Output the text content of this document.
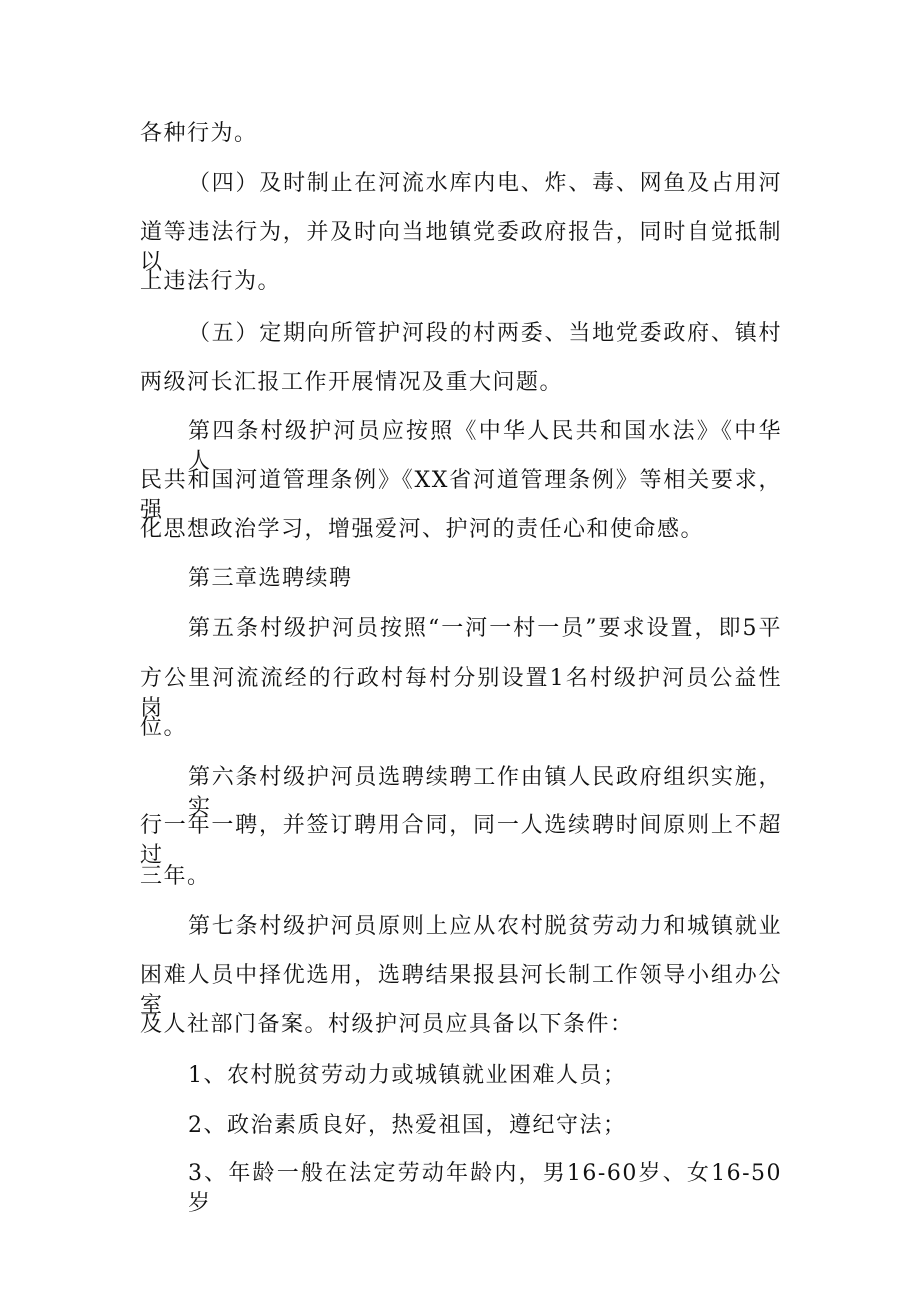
各种行为。
（四）及时制止在河流水库内电、炸、毒、网鱼及占用河
道等违法行为，并及时向当地镇党委政府报告，同时自觉抵制以
上违法行为。
（五）定期向所管护河段的村两委、当地党委政府、镇村
两级河长汇报工作开展情况及重大问题。
第四条村级护河员应按照《中华人民共和国水法》《中华人
民共和国河道管理条例》《XX省河道管理条例》等相关要求，强
化思想政治学习，增强爱河、护河的责任心和使命感。
第三章选聘续聘
第五条村级护河员按照“一河一村一员”要求设置，即5平
方公里河流流经的行政村每村分别设置1名村级护河员公益性岗
位。
第六条村级护河员选聘续聘工作由镇人民政府组织实施，实
行一年一聘，并签订聘用合同，同一人选续聘时间原则上不超过
三年。
第七条村级护河员原则上应从农村脱贫劳动力和城镇就业
困难人员中择优选用，选聘结果报县河长制工作领导小组办公室
及人社部门备案。村级护河员应具备以下条件：
1、农村脱贫劳动力或城镇就业困难人员；
2、政治素质良好，热爱祖国，遵纪守法；
3、年龄一般在法定劳动年龄内，男16-60岁、女16-50岁
